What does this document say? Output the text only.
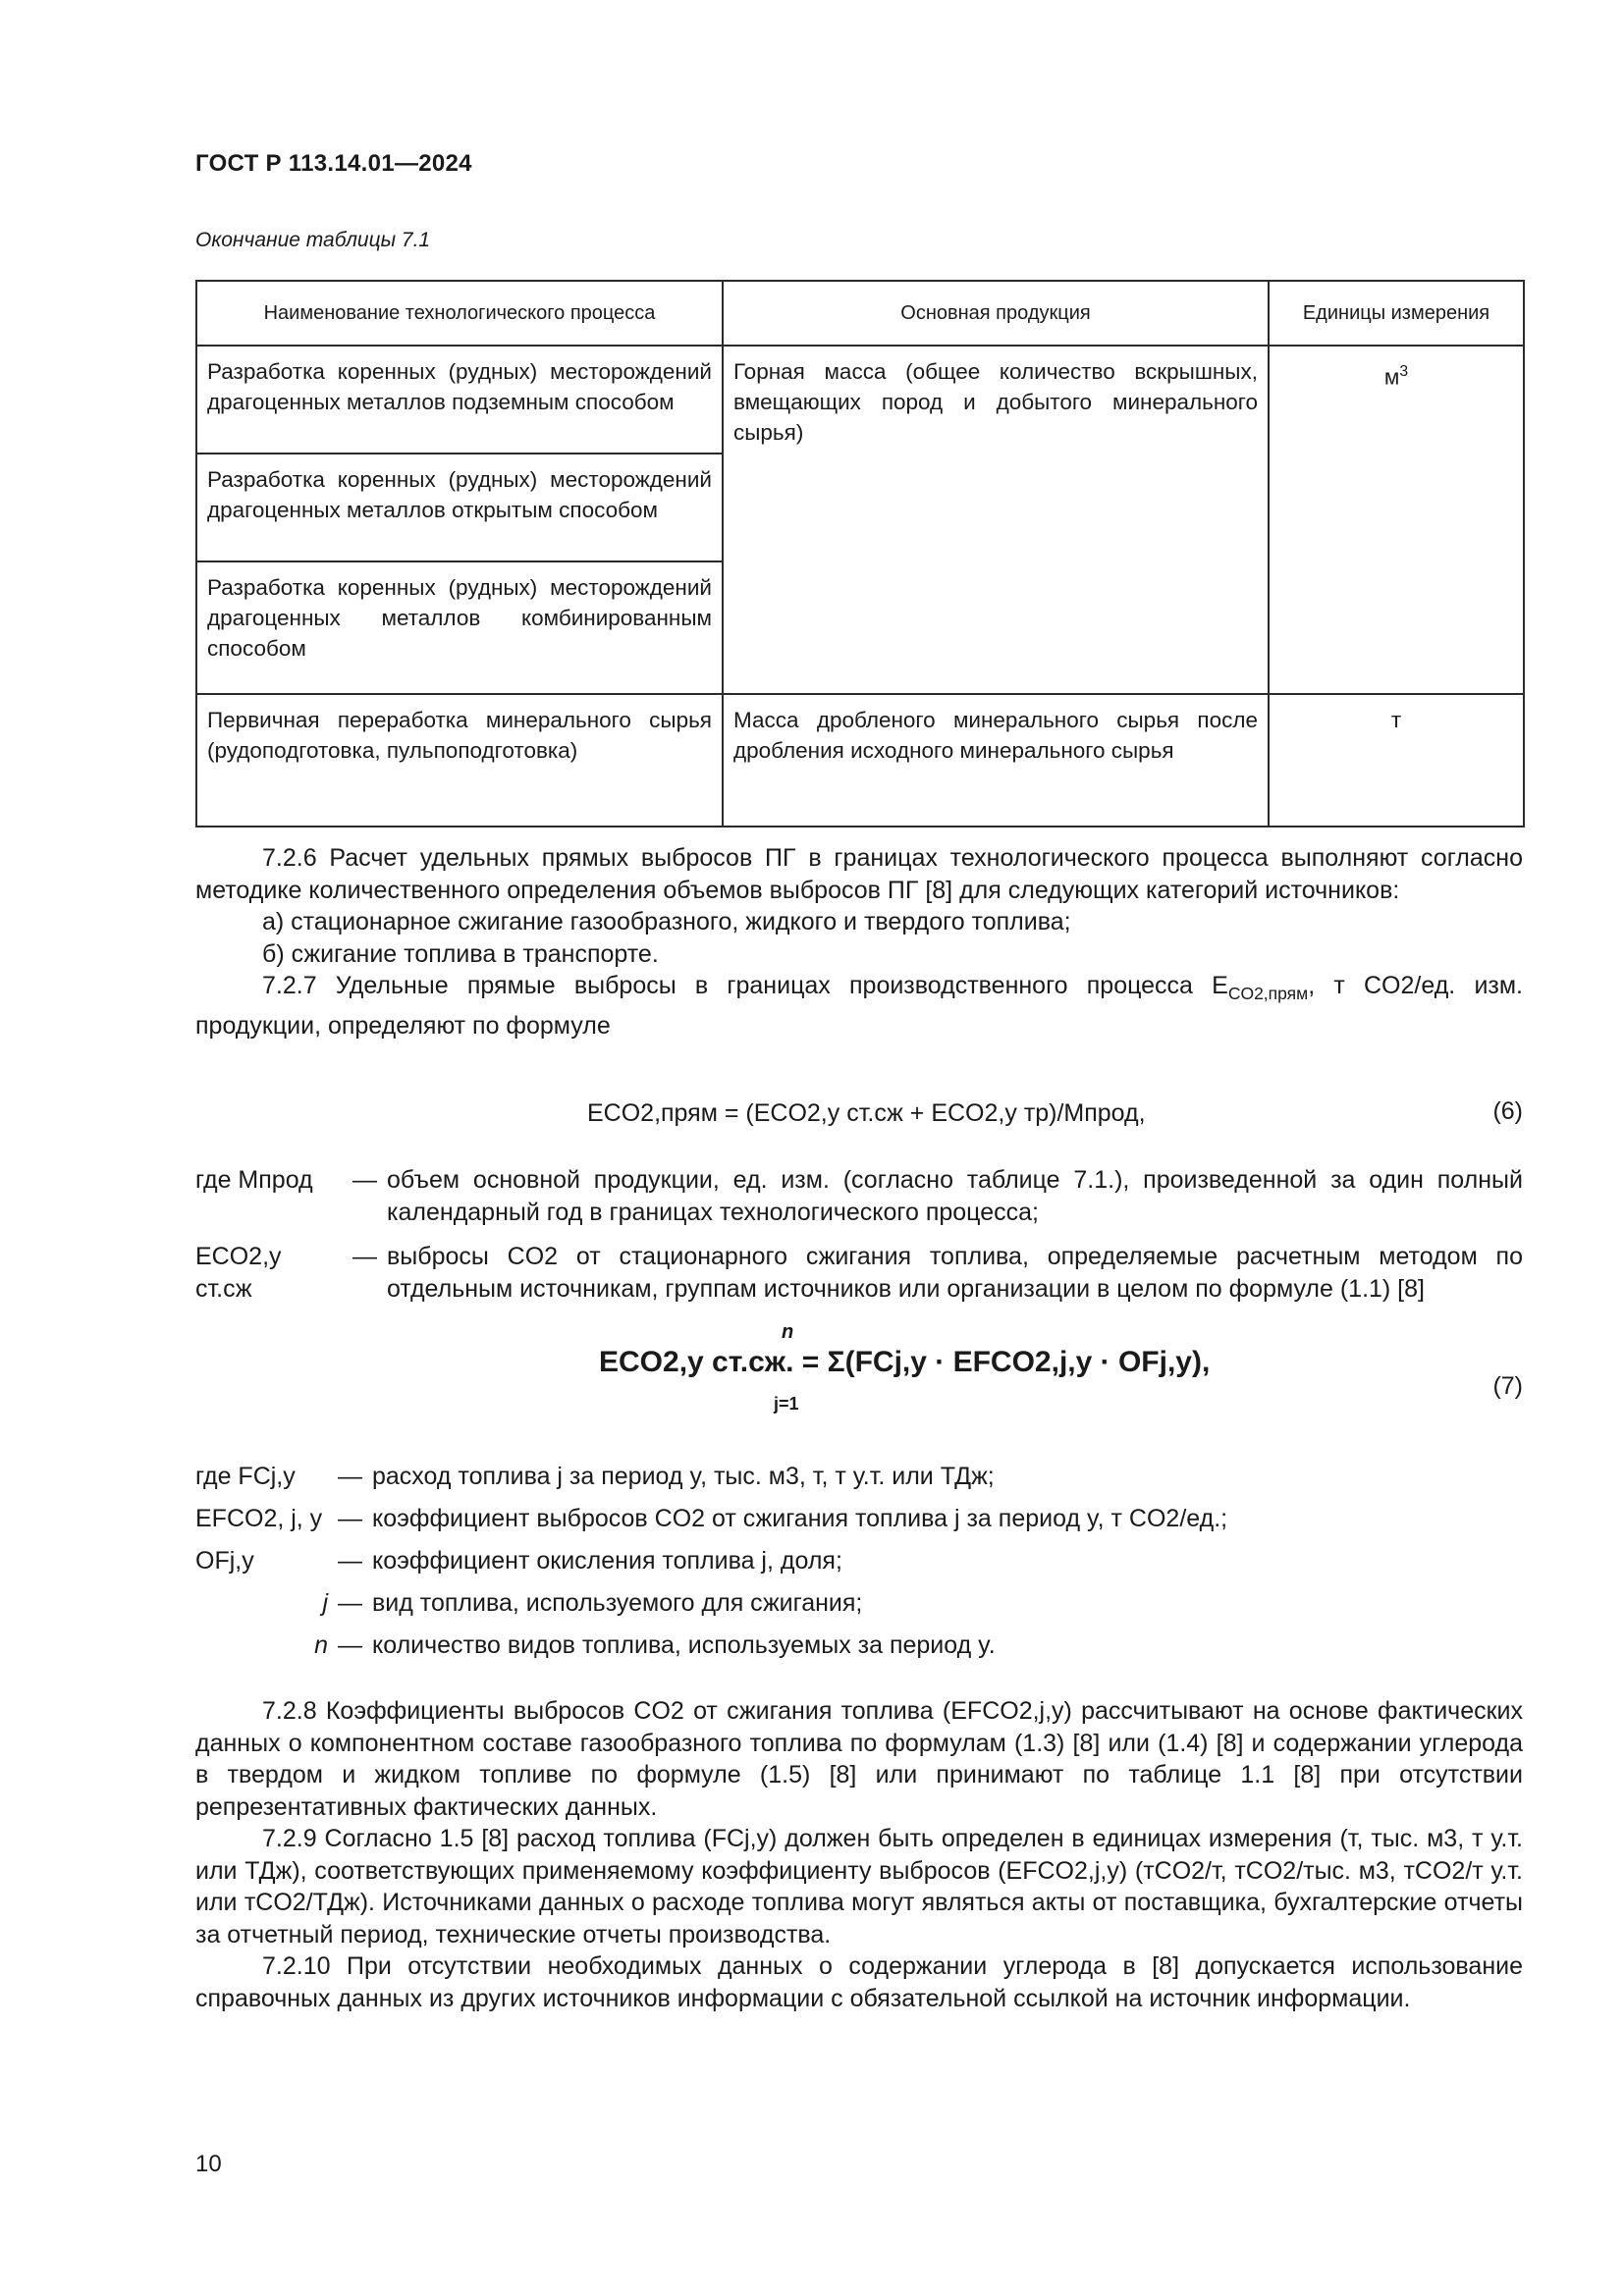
ГОСТ Р 113.14.01—2024
Окончание таблицы 7.1
Наименование технологического процесса	Основная продукция	Единицы измерения
Разработка коренных (рудных) месторождений драгоценных металлов подземным способом	Горная масса (общее количество вскрышных, вмещающих пород и добытого минерального сырья)	$м^3$
Разработка коренных (рудных) месторождений драгоценных металлов открытым способом		
Разработка коренных (рудных) месторождений драгоценных металлов комбинированным способом		
Первичная переработка минерального сырья (рудоподготовка, пульпоподготовка)	Масса дробленого минерального сырья после дробления исходного минерального сырья	т

7.2.6 Расчет удельных прямых выбросов ПГ в границах технологического процесса выполняют согласно методике количественного определения объемов выбросов ПГ [8] для следующих категорий источников:

а) стационарное сжигание газообразного, жидкого и твердого топлива;

б) сжигание топлива в транспорте.

7.2.7 Удельные прямые выбросы в границах производственного процесса $E_{CO2,прям}$, т CO2/ед. изм. продукции, определяют по формуле

ECO2,прям = (ECO2,y ст.сж + ECO2,y тр)/Mпрод,	(6)
где Mпрод	— объем основной продукции, ед. изм. (согласно таблице 7.1.), произведенной за один полный календарный год в границах технологического процесса;
ECO2,y ст.сж
— выбросы CO2 от стационарного сжигания топлива, определяемые расчетным методом по отдельным источникам, группам источников или организации в целом по формуле (1.1) [8]
ECO2,y ст.сж. = Σ(FCj,y · EFCO2,j,y · OFj,y),
n
j=1
(7)
где FCj,y	— расход топлива j за период y, тыс. м3, т, т у.т. или ТДж;
EFCO2, j, y — коэффициент выбросов CO2 от сжигания топлива j за период y, т CO2/ед.;
OFj,y	— коэффициент окисления топлива j, доля;
j — вид топлива, используемого для сжигания;
n — количество видов топлива, используемых за период y.

7.2.8 Коэффициенты выбросов CO2 от сжигания топлива (EFCO2,j,y) рассчитывают на основе фактических данных о компонентном составе газообразного топлива по формулам (1.3) [8] или (1.4) [8] и содержании углерода в твердом и жидком топливе по формуле (1.5) [8] или принимают по таблице 1.1 [8] при отсутствии репрезентативных фактических данных.

7.2.9 Согласно 1.5 [8] расход топлива (FCj,y) должен быть определен в единицах измерения (т, тыс. м3, т у.т. или ТДж), соответствующих применяемому коэффициенту выбросов (EFCO2,j,y) (тCO2/т, тCO2/тыс. м3, тCO2/т у.т. или тCO2/ТДж). Источниками данных о расходе топлива могут являться акты от поставщика, бухгалтерские отчеты за отчетный период, технические отчеты производства.

7.2.10 При отсутствии необходимых данных о содержании углерода в [8] допускается использование справочных данных из других источников информации с обязательной ссылкой на источник информации.

10
